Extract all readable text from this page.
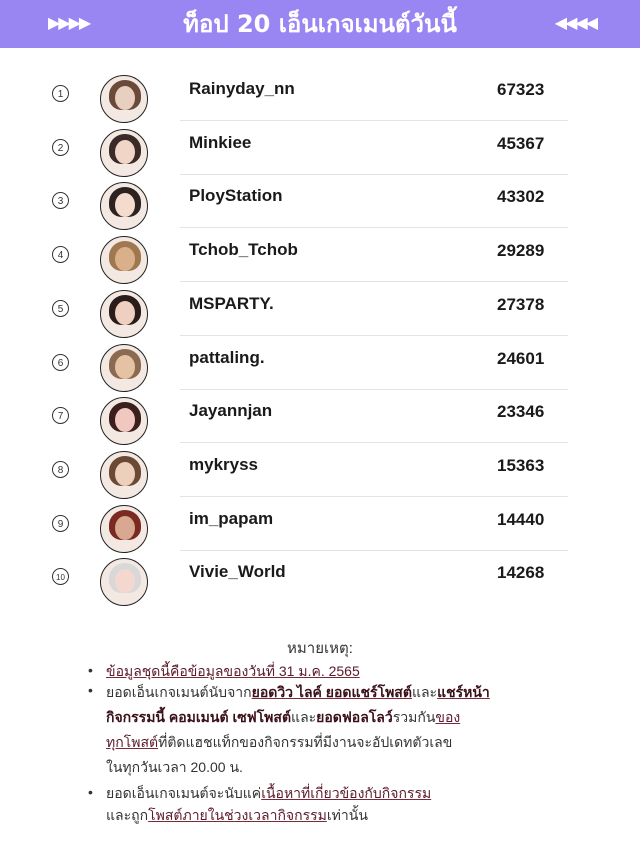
▶▶▶▶	ท็อป 20 เอ็นเกจเมนต์วันนี้	◀◀◀◀
1	Rainyday_nn	67323
2	Minkiee	45367
3	PloyStation	43302
4	Tchob_Tchob	29289
5	MSPARTY.	27378
6	pattaling.	24601
7	Jayannjan	23346
8	mykryss	15363
9	im_papam	14440
10	Vivie_World	14268
หมายเหตุ:
• ข้อมูลชุดนี้คือข้อมูลของวันที่ 31 ม.ค. 2565
• ยอดเอ็นเกจเมนต์นับจากยอดวิว ไลค์ ยอดแชร์โพสต์และแชร์หน้า
กิจกรรมนี้ คอมเมนต์ เซฟโพสต์และยอดฟอลโลว์รวมกันของ
ทุกโพสต์ที่ติดแฮชแท็กของกิจกรรมที่มีงานจะอัปเดทตัวเลข
ในทุกวันเวลา 20.00 น.
• ยอดเอ็นเกจเมนต์จะนับแค่เนื้อหาที่เกี่ยวข้องกับกิจกรรม
และถูกโพสต์ภายในช่วงเวลากิจกรรมเท่านั้น
